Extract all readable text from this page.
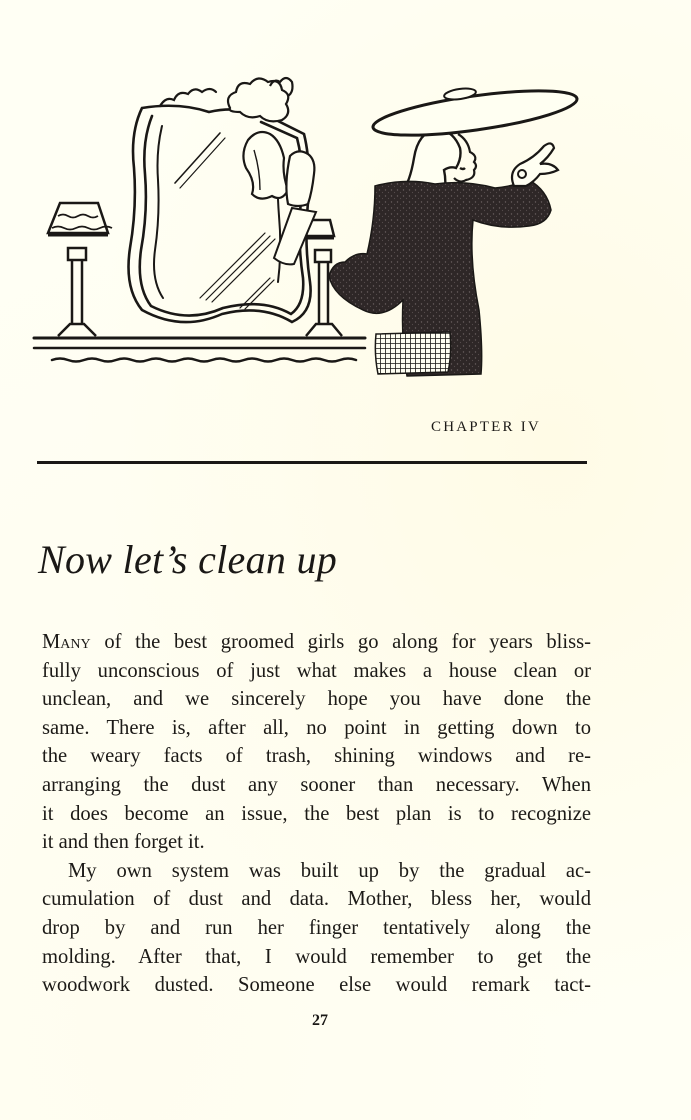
CHAPTER IV
Now let’s clean up
Many of the best groomed girls go along for years bliss-
fully unconscious of just what makes a house clean or
unclean, and we sincerely hope you have done the
same. There is, after all, no point in getting down to
the weary facts of trash, shining windows and re-
arranging the dust any sooner than necessary. When
it does become an issue, the best plan is to recognize
it and then forget it.
My own system was built up by the gradual ac-
cumulation of dust and data. Mother, bless her, would
drop by and run her finger tentatively along the
molding. After that, I would remember to get the
woodwork dusted. Someone else would remark tact-
27
